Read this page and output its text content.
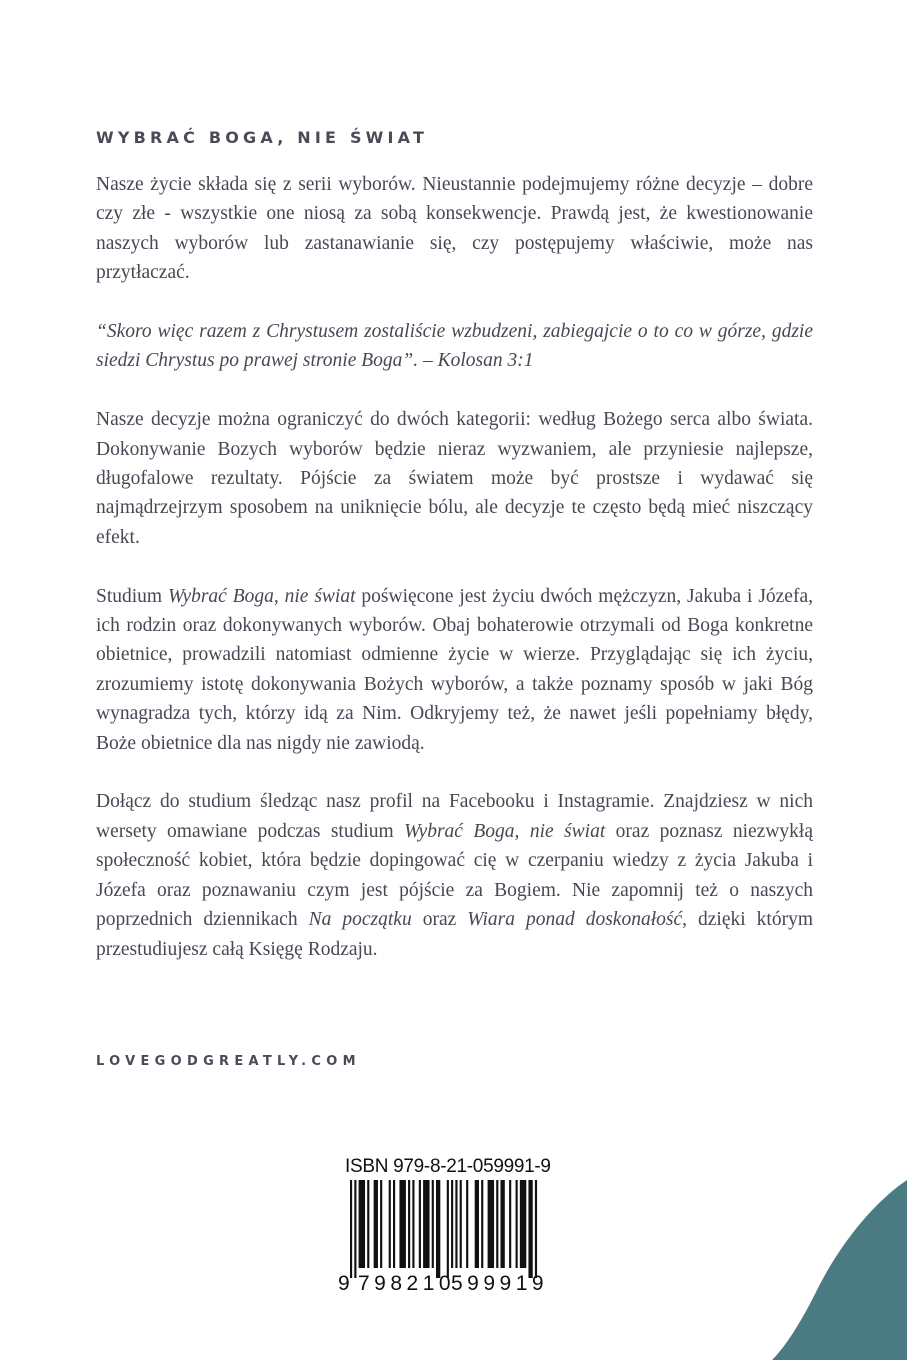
WYBRAĆ BOGA, NIE ŚWIAT

Nasze życie składa się z serii wyborów. Nieustannie podejmujemy różne decyzje – dobre czy złe - wszystkie one niosą za sobą konsekwencje. Prawdą jest, że kwestionowanie naszych wyborów lub zastanawianie się, czy postępujemy właściwie, może nas przytłaczać.

“Skoro więc razem z Chrystusem zostaliście wzbudzeni, zabiegajcie o to co w górze, gdzie siedzi Chrystus po prawej stronie Boga”. – Kolosan 3:1

Nasze decyzje można ograniczyć do dwóch kategorii: według Bożego serca albo świata. Dokonywanie Bozych wyborów będzie nieraz wyzwaniem, ale przyniesie najlepsze, długofalowe rezultaty. Pójście za światem może być prostsze i wydawać się najmądrzejrzym sposobem na uniknięcie bólu, ale decyzje te często będą mieć niszczący efekt.

Studium Wybrać Boga, nie świat poświęcone jest życiu dwóch mężczyzn, Jakuba i Józefa, ich rodzin oraz dokonywanych wyborów. Obaj bohaterowie otrzymali od Boga konkretne obietnice, prowadzili natomiast odmienne życie w wierze. Przyglądając się ich życiu, zrozumiemy istotę dokonywania Bożych wyborów, a także poznamy sposób w jaki Bóg wynagradza tych, którzy idą za Nim. Odkryjemy też, że nawet jeśli popełniamy błędy, Boże obietnice dla nas nigdy nie zawiodą.

Dołącz do studium śledząc nasz profil na Facebooku i Instagramie. Znajdziesz w nich wersety omawiane podczas studium Wybrać Boga, nie świat oraz poznasz niezwykłą społeczność kobiet, która będzie dopingować cię w czerpaniu wiedzy z życia Jakuba i Józefa oraz poznawaniu czym jest pójście za Bogiem. Nie zapomnij też o naszych poprzednich dziennikach Na początku oraz Wiara ponad doskonałość, dzięki którym przestudiujesz całą Księgę Rodzaju.

LOVEGODGREATLY.COM
ISBN 979-8-21-059991-9
9 798210
599919
